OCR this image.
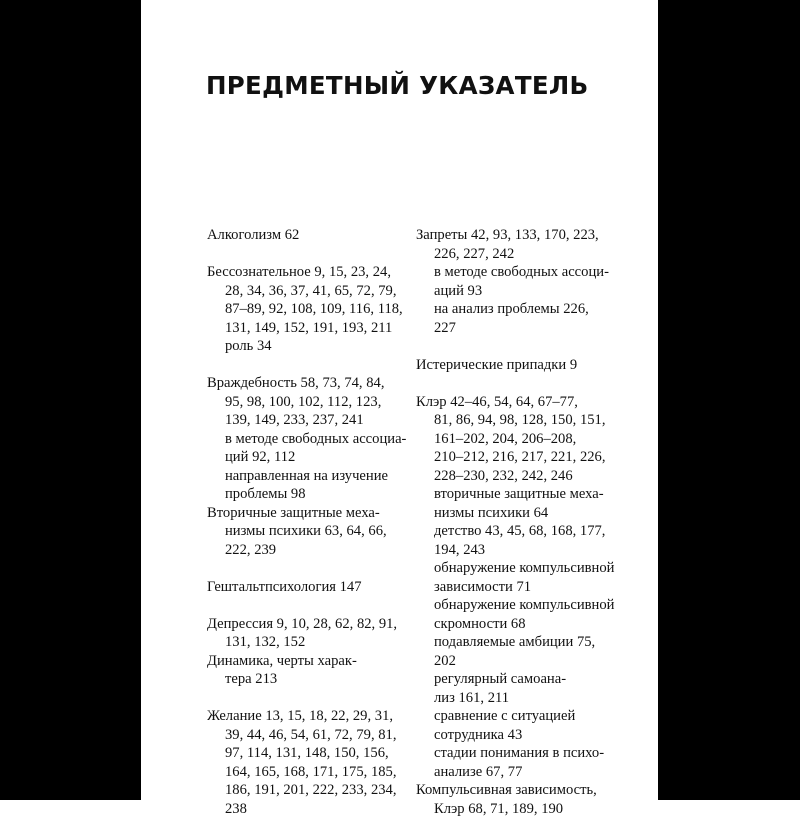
ПРЕДМЕТНЫЙ УКАЗАТЕЛЬ
Алкоголизм 62
Бессознательное 9, 15, 23, 24,
28, 34, 36, 37, 41, 65, 72, 79,
87–89, 92, 108, 109, 116, 118,
131, 149, 152, 191, 193, 211
роль 34
Враждебность 58, 73, 74, 84,
95, 98, 100, 102, 112, 123,
139, 149, 233, 237, 241
в методе свободных ассоциа-
ций 92, 112
направленная на изучение
проблемы 98
Вторичные защитные меха-
низмы психики 63, 64, 66,
222, 239
Гештальтпсихология 147
Депрессия 9, 10, 28, 62, 82, 91,
131, 132, 152
Динамика, черты харак-
тера 213
Желание 13, 15, 18, 22, 29, 31,
39, 44, 46, 54, 61, 72, 79, 81,
97, 114, 131, 148, 150, 156,
164, 165, 168, 171, 175, 185,
186, 191, 201, 222, 233, 234,
238
Запреты 42, 93, 133, 170, 223,
226, 227, 242
в методе свободных ассоци-
аций 93
на анализ проблемы 226,
227
Истерические припадки 9
Клэр 42–46, 54, 64, 67–77,
81, 86, 94, 98, 128, 150, 151,
161–202, 204, 206–208,
210–212, 216, 217, 221, 226,
228–230, 232, 242, 246
вторичные защитные меха-
низмы психики 64
детство 43, 45, 68, 168, 177,
194, 243
обнаружение компульсивной
зависимости 71
обнаружение компульсивной
скромности 68
подавляемые амбиции 75,
202
регулярный самоана-
лиз 161, 211
сравнение с ситуацией
сотрудника 43
стадии понимания в психо-
анализе 67, 77
Компульсивная зависимость,
Клэр 68, 71, 189, 190
